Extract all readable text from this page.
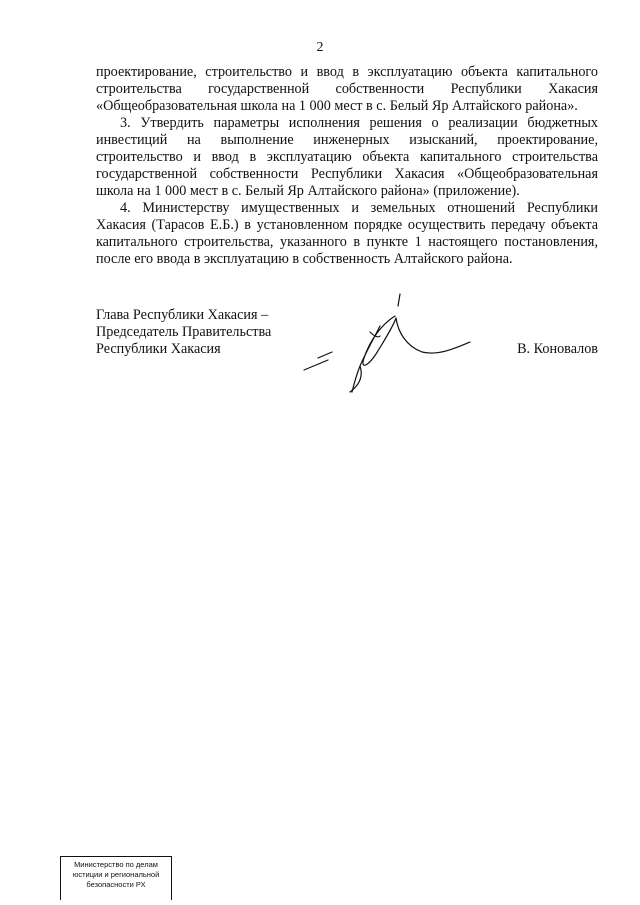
2

проектирование, строительство и ввод в эксплуатацию объекта капитального строительства государственной собственности Республики Хакасия «Общеобразовательная школа на 1 000 мест в с. Белый Яр Алтайского района».

3. Утвердить параметры исполнения решения о реализации бюджетных инвестиций на выполнение инженерных изысканий, проектирование, строительство и ввод в эксплуатацию объекта капитального строительства государственной собственности Республики Хакасия «Общеобразовательная школа на 1 000 мест в с. Белый Яр Алтайского района» (приложение).

4. Министерству имущественных и земельных отношений Республики Хакасия (Тарасов Е.Б.) в установленном порядке осуществить передачу объекта капитального строительства, указанного в пункте 1 настоящего постановления, после его ввода в эксплуатацию в собственность Алтайского района.

Глава Республики Хакасия –
Председатель Правительства
Республики Хакасия	В. Коновалов
Министерство по делам
юстиции и региональной
безопасности РХ
